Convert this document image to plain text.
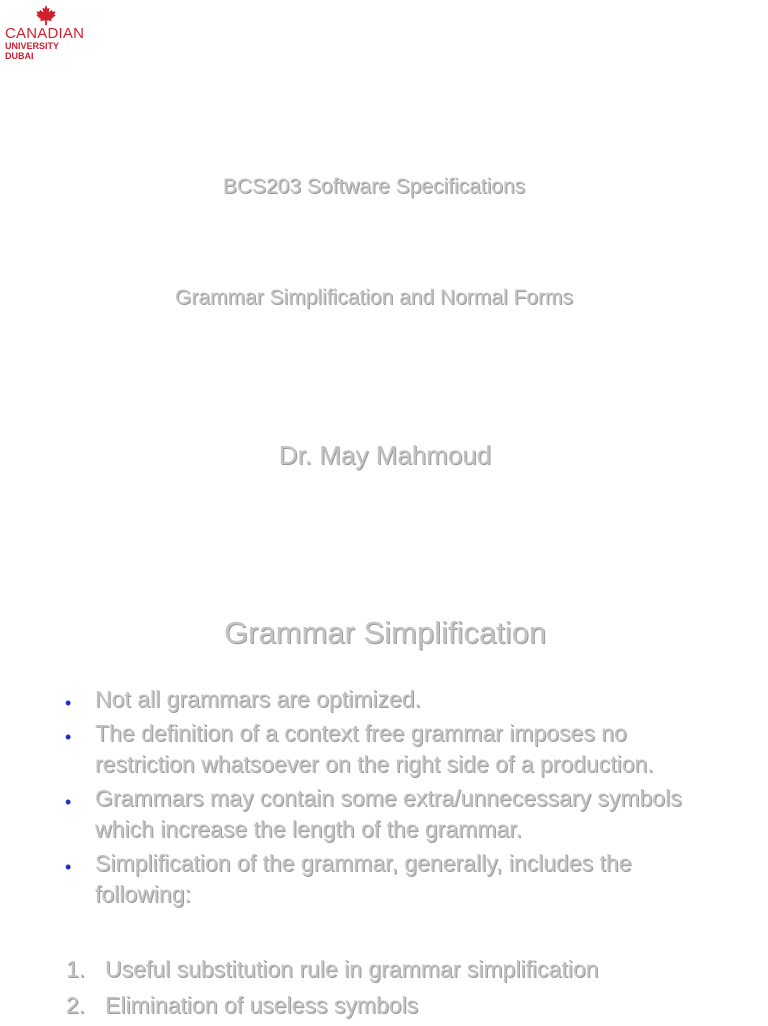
CANADIAN
UNIVERSITY DUBAI
BCS203 Software Specifications
Grammar Simplification and Normal Forms
Dr. May Mahmoud
Grammar Simplification
• Not all grammars are optimized.
• The definition of a context free grammar imposes no restriction whatsoever on the right side of a production.
• Grammars may contain some extra/unnecessary symbols which increase the length of the grammar.
• Simplification of the grammar, generally, includes the following:
1. Useful substitution rule in grammar simplification
2. Elimination of useless symbols
